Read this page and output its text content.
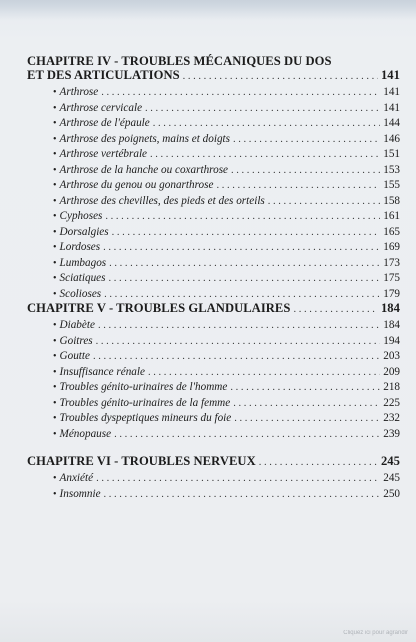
CHAPITRE IV - TROUBLES MÉCANIQUES DU DOS
ET DES ARTICULATIONS . . .	141
• Arthrose . . .	141
• Arthrose cervicale . . .	141
• Arthrose de l'épaule . . .	144
• Arthrose des poignets, mains et doigts . . .	146
• Arthrose vertébrale . . .	151
• Arthrose de la hanche ou coxarthrose . . .	153
• Arthrose du genou ou gonarthrose . . .	155
• Arthrose des chevilles, des pieds et des orteils . . .	158
• Cyphoses . . .	161
• Dorsalgies . . .	165
• Lordoses . . .	169
• Lumbagos . . .	173
• Sciatiques . . .	175
• Scolioses . . .	179
CHAPITRE V - TROUBLES GLANDULAIRES . . .	184
• Diabète . . .	184
• Goitres . . .	194
• Goutte . . .	203
• Insuffisance rénale . . .	209
• Troubles génito-urinaires de l'homme . . .	218
• Troubles génito-urinaires de la femme . . .	225
• Troubles dyspeptiques mineurs du foie . . .	232
• Ménopause . . .	239
CHAPITRE VI - TROUBLES NERVEUX . . .	245
• Anxiété . . .	245
• Insomnie . . .	250
Cliquez ici pour agrandir
